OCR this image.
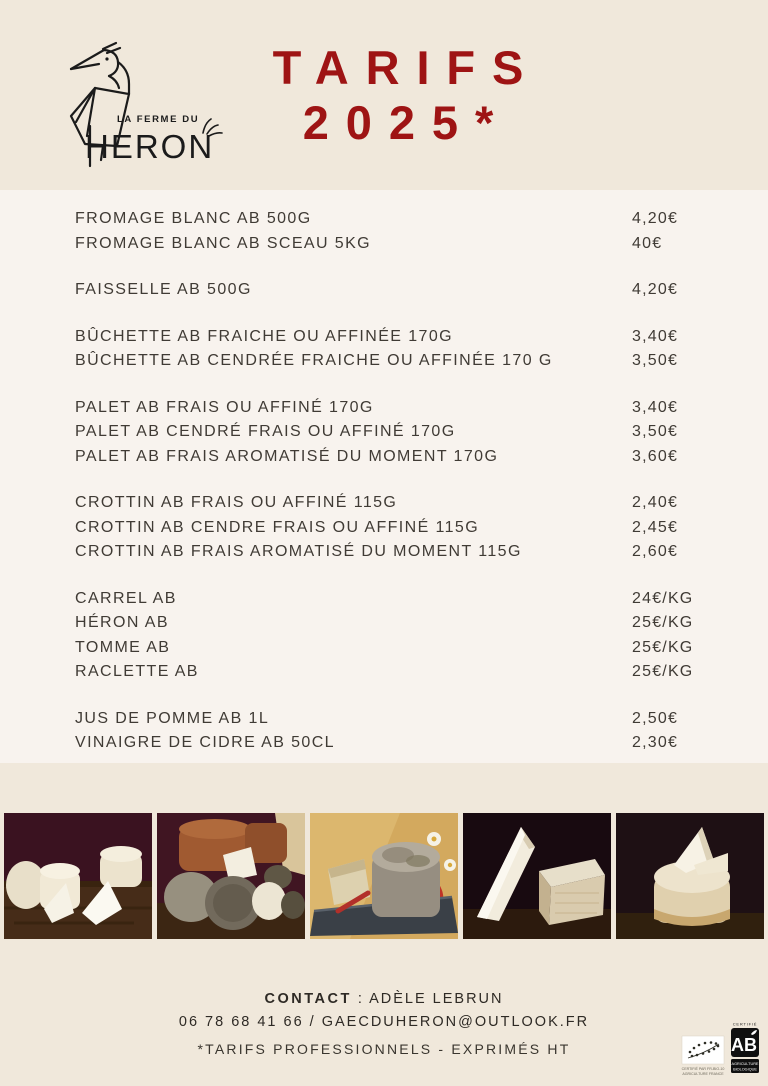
LA FERME DU
HERON
TARIFS
2025*
FROMAGE BLANC AB 500G	4,20€
FROMAGE BLANC AB SCEAU 5KG	40€
FAISSELLE AB 500G	4,20€
BÛCHETTE AB FRAICHE OU AFFINÉE 170G	3,40€
BÛCHETTE AB CENDRÉE FRAICHE OU AFFINÉE 170 G	3,50€
PALET AB FRAIS OU AFFINÉ 170G	3,40€
PALET AB CENDRÉ FRAIS OU AFFINÉ 170G	3,50€
PALET AB FRAIS AROMATISÉ DU MOMENT 170G	3,60€
CROTTIN AB FRAIS OU AFFINÉ 115G	2,40€
CROTTIN AB CENDRE FRAIS OU AFFINÉ 115G	2,45€
CROTTIN AB FRAIS AROMATISÉ DU MOMENT 115G	2,60€
CARREL AB	24€/KG
HÉRON AB	25€/KG
TOMME AB	25€/KG
RACLETTE AB	25€/KG
JUS DE POMME AB 1L	2,50€
VINAIGRE DE CIDRE AB 50CL	2,30€
CONTACT : ADÈLE LEBRUN
06 78 68 41 66 / GAECDUHERON@OUTLOOK.FR
*TARIFS PROFESSIONNELS - EXPRIMÉS HT
CERTIFIÉ PAR FR-BIO-10
AGRICULTURE FRANCE
CERTIFIÉ
AB
AGRICULTURE
BIOLOGIQUE
